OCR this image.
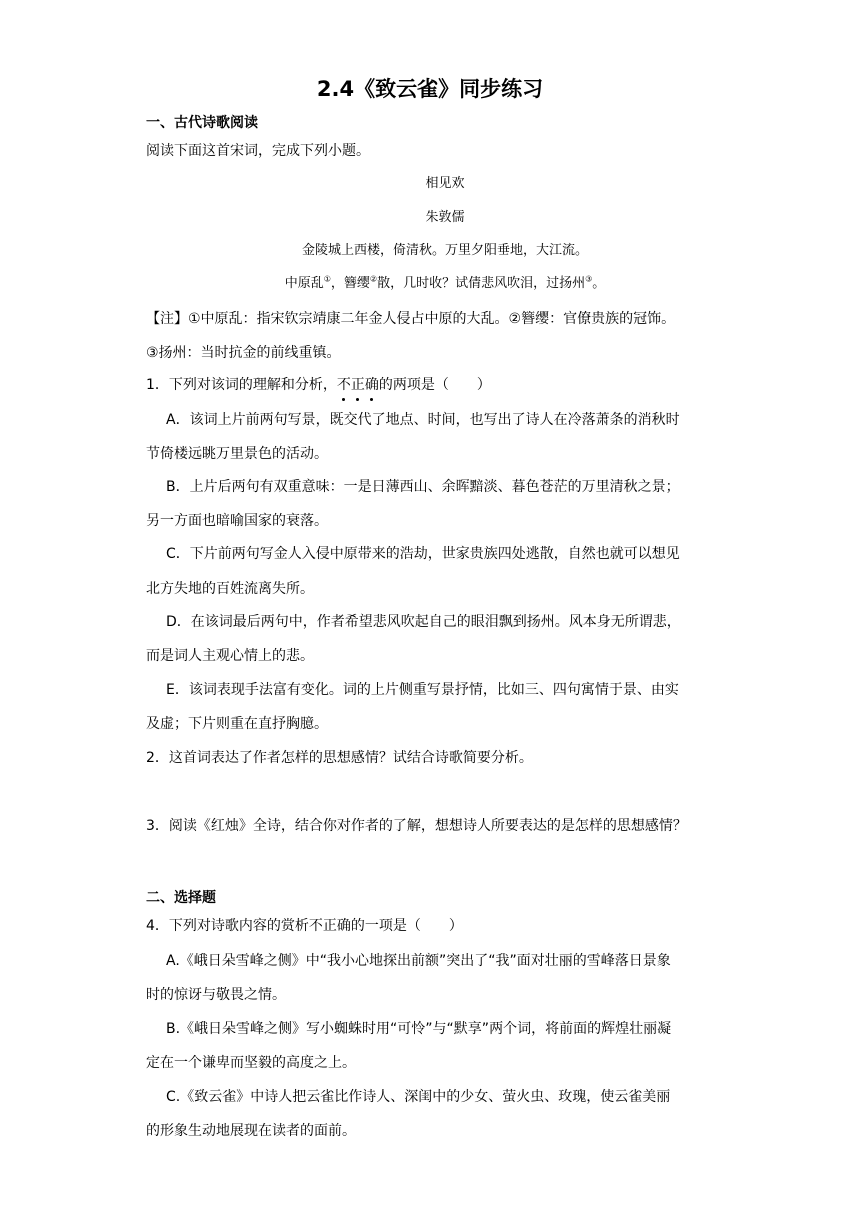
2.4《致云雀》同步练习
一、古代诗歌阅读
阅读下面这首宋词，完成下列小题。
相见欢
朱敦儒
金陵城上西楼，倚清秋。万里夕阳垂地，大江流。
中原乱①，簪缨②散，几时收？试倩悲风吹泪，过扬州③。
【注】①中原乱：指宋钦宗靖康二年金人侵占中原的大乱。②簪缨：官僚贵族的冠饰。
③扬州：当时抗金的前线重镇。
1．下列对该词的理解和分析，不正确的两项是（　　）
A．该词上片前两句写景，既交代了地点、时间，也写出了诗人在冷落萧条的消秋时
节倚楼远眺万里景色的活动。
B．上片后两句有双重意味：一是日薄西山、余晖黯淡、暮色苍茫的万里清秋之景；
另一方面也暗喻国家的衰落。
C．下片前两句写金人入侵中原带来的浩劫，世家贵族四处逃散，自然也就可以想见
北方失地的百姓流离失所。
D．在该词最后两句中，作者希望悲风吹起自己的眼泪飘到扬州。风本身无所谓悲，
而是词人主观心情上的悲。
E．该词表现手法富有变化。词的上片侧重写景抒情，比如三、四句寓情于景、由实
及虚；下片则重在直抒胸臆。
2．这首词表达了作者怎样的思想感情？试结合诗歌简要分析。
3．阅读《红烛》全诗，结合你对作者的了解，想想诗人所要表达的是怎样的思想感情？
二、选择题
4．下列对诗歌内容的赏析不正确的一项是（　　）
A.《峨日朵雪峰之侧》中“我小心地探出前额”突出了“我”面对壮丽的雪峰落日景象
时的惊讶与敬畏之情。
B.《峨日朵雪峰之侧》写小蜘蛛时用“可怜”与“默享”两个词，将前面的辉煌壮丽凝
定在一个谦卑而坚毅的高度之上。
C.《致云雀》中诗人把云雀比作诗人、深闺中的少女、萤火虫、玫瑰，使云雀美丽
的形象生动地展现在读者的面前。
